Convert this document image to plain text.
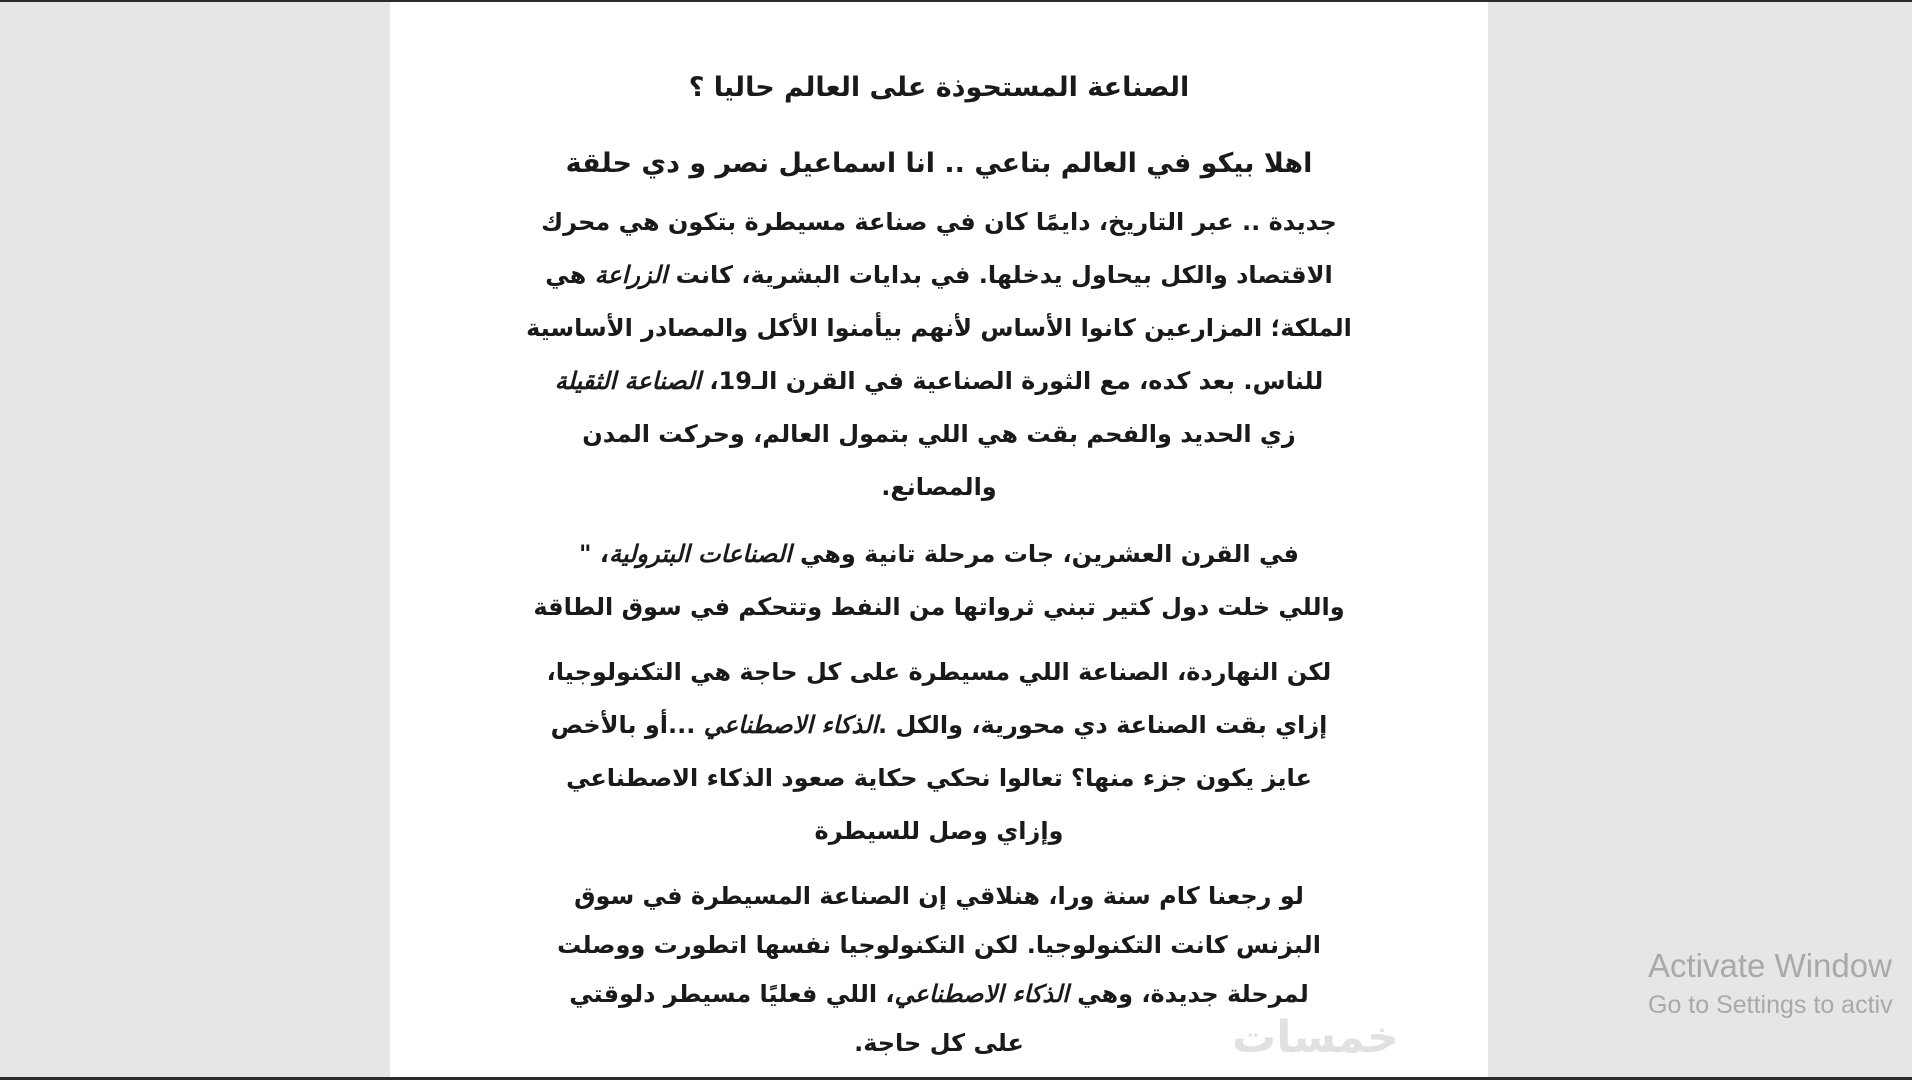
الصناعة المستحوذة على العالم حاليا ؟
اهلا بيكو في العالم بتاعي .. انا اسماعيل نصر و دي حلقة
جديدة .. عبر التاريخ، دايمًا كان في صناعة مسيطرة بتكون هي محرك
الاقتصاد والكل بيحاول يدخلها. في بدايات البشرية، كانت الزراعة هي
الملكة؛ المزارعين كانوا الأساس لأنهم بيأمنوا الأكل والمصادر الأساسية
للناس. بعد كده، مع الثورة الصناعية في القرن الـ19، الصناعة الثقيلة
زي الحديد والفحم بقت هي اللي بتمول العالم، وحركت المدن
والمصانع.
في القرن العشرين، جات مرحلة تانية وهي الصناعات البترولية، "
واللي خلت دول كتير تبني ثرواتها من النفط وتتحكم في سوق الطاقة
لكن النهاردة، الصناعة اللي مسيطرة على كل حاجة هي التكنولوجيا،
إزاي بقت الصناعة دي محورية، والكل .الذكاء الاصطناعي ...أو بالأخص
عايز يكون جزء منها؟ تعالوا نحكي حكاية صعود الذكاء الاصطناعي
وإزاي وصل للسيطرة
لو رجعنا كام سنة ورا، هنلاقي إن الصناعة المسيطرة في سوق
البزنس كانت التكنولوجيا. لكن التكنولوجيا نفسها اتطورت ووصلت
لمرحلة جديدة، وهي الذكاء الاصطناعي، اللي فعليًا مسيطر دلوقتي
على كل حاجة.	خمسات
Activate Window
Go to Settings to activ
